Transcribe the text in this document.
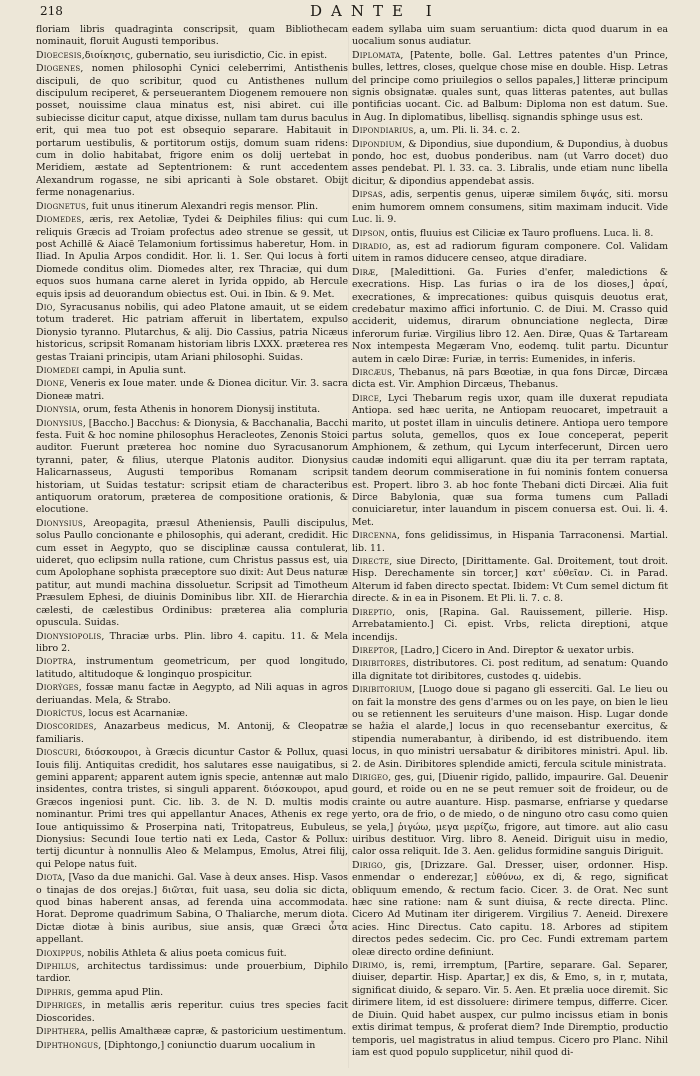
218	DANTE I

floriam libris quadraginta conscripsit, quam Bibliothecam nominauit, floruit Augusti temporibus.

Dioecesis,διοίκησις, gubernatio, seu iurisdictio, Cic. in epist.

Diogenes, nomen philosophi Cynici celeberrimi, Antisthenis discipuli, de quo scribitur, quod cu Antisthenes nullum discipulum reciperet, & perseuerantem Diogenem remouere non posset, nouissime claua minatus est, nisi abiret. cui ille subiecisse dicitur caput, atque dixisse, nullam tam durus baculus erit, qui mea tuo pot est obsequio separare. Habitauit in portarum uestibulis, & portitorum ostijs, domum suam ridens: cum in dolio habitabat, frigore enim os dolij uertebat in Meridiem, æstate ad Septentrionem: & runt accedentem Alexandrum rogasse, ne sibi apricanti à Sole obstaret. Obijt ferme nonagenarius.

Diognetus, fuit unus itinerum Alexandri regis mensor. Plin.

Diomedes, æris, rex Aetoliæ, Tydei & Deiphiles filius: qui cum reliquis Græcis ad Troiam profectus adeo strenue se gessit, ut post Achillē & Aiacē Telamonium fortissimus haberetur, Hom. in Iliad. In Apulia Arpos condidit. Hor. li. 1. Ser. Qui locus à forti Diomede conditus olim. Diomedes alter, rex Thraciæ, qui dum equos suos humana carne aleret in Iyrida oppido, ab Hercule equis ipsis ad deuorandum obiectus est. Oui. in Ibin. & 9. Met.

Dio, Syracusanus nobilis, qui adeo Platone amauit, ut se eidem totum traderet. Hic patriam afferuit in libertatem, expulso Dionysio tyranno. Plutarchus, & alij. Dio Cassius, patria Nicæus historicus, scripsit Romanam historiam libris LXXX. præterea res gestas Traiani principis, utam Ariani philosophi. Suidas.

Diomedei campi, in Apulia sunt.

Dione, Veneris ex Ioue mater. unde & Dionea dicitur. Vir. 3. sacra Dioneæ matri.

Dionysia, orum, festa Athenis in honorem Dionysij instituta.

Dionysius, [Baccho.] Bacchus: & Dionysia, & Bacchanalia, Bacchi festa. Fuit & hoc nomine philosophus Heracleotes, Zenonis Stoici auditor. Fuerunt præterea hoc nomine duo Syracusanorum tyranni, pater, & filius, uterque Platonis auditor. Dionysius Halicarnasseus, Augusti temporibus Romanam scripsit historiam, ut Suidas testatur: scripsit etiam de characteribus antiquorum oratorum, præterea de compositione orationis, & elocutione.

Dionysius, Areopagita, præsul Atheniensis, Paulli discipulus, solus Paullo concionante e philosophis, qui aderant, credidit. Hic cum esset in Aegypto, quo se disciplinæ caussa contulerat, uideret, quo eclipsim nulla ratione, cum Christus passus est, uia cum Apolophane sophista præceptore suo dixit: Aut Deus naturæ patitur, aut mundi machina dissoluetur. Scripsit ad Timotheum Præsulem Ephesi, de diuinis Dominibus libr. XII. de Hierarchia cælesti, de cælestibus Ordinibus: præterea alia compluria opuscula. Suidas.

Dionysiopolis, Thraciæ urbs. Plin. libro 4. capitu. 11. & Mela libro 2.

Dioptra, instrumentum geometricum, per quod longitudo, latitudo, altitudoque & longinquo prospicitur.

Diorýges, fossæ manu factæ in Aegypto, ad Nili aquas in agros deriuandas. Mela, & Strabo.

Dioríctus, locus est Acarnaniæ.

Dioscorides, Anazarbeus medicus, M. Antonij, & Cleopatræ familiaris.

Dioscuri, διόσκουροι, à Græcis dicuntur Castor & Pollux, quasi Iouis filij. Antiquitas credidit, hos salutares esse nauigatibus, si gemini apparent; apparent autem ignis specie, antennæ aut malo insidentes, contra tristes, si singuli apparent. διόσκουροι, apud Græcos ingeniosi punt. Cic. lib. 3. de N. D. multis modis nominantur. Primi tres qui appellantur Anaces, Athenis ex rege Ioue antiquissimo & Proserpina nati, Tritopatreus, Eubuleus, Dionysius: Secundi Ioue tertio nati ex Leda, Castor & Pollux: tertij dicuntur à nonnullis Aleo & Melampus, Emolus, Atrei filij, qui Pelope natus fuit.

Diota, [Vaso da due manichi. Gal. Vase à deux anses. Hisp. Vasos o tinajas de dos orejas.] διῶται, fuit uasa, seu dolia sic dicta, quod binas haberent ansas, ad ferenda uina accommodata. Horat. Deprome quadrimum Sabina, O Thaliarche, merum diota. Dictæ diotæ à binis auribus, siue ansis, quæ Græci ὦτα appellant.

Dioxippus, nobilis Athleta & alius poeta comicus fuit.

Diphilus, architectus tardissimus: unde prouerbium, Diphilo tardior.

Diphris, gemma apud Plin.

Diphriges, in metallis æris reperitur. cuius tres species facit Dioscorides.

Diphthera, pellis Amalthææ capræ, & pastoricium uestimentum.

Diphthongus, [Diphtongo,] coniunctio duarum uocalium in

eadem syllaba uim suam seruantium: dicta quod duarum in ea uocalium sonus audiatur.

Diplomata, [Patente, bolle. Gal. Lettres patentes d'un Prince, bulles, lettres, closes, quelque chose mise en double. Hisp. Letras del principe como priuilegios o sellos papales,] litteræ principum signis obsignatæ. quales sunt, quas litteras patentes, aut bullas pontificias uocant. Cic. ad Balbum: Diploma non est datum. Sue. in Aug. In diplomatibus, libellisq. signandis sphinge usus est.

Dipondiarius, a, um. Pli. li. 34. c. 2.

Dipondium, & Dipondius, siue dupondium, & Dupondius, à duobus pondo, hoc est, duobus ponderibus. nam (ut Varro docet) duo asses pendebat. Pl. l. 33. ca. 3. Libralis, unde etiam nunc libella dicitur, & dipondius appendebat assis.

Dipsas, adis, serpentis genus, uiperæ similem διψάς, siti. morsu enim humorem omnem consumens, sitim maximam inducit. Vide Luc. li. 9.

Dipson, ontis, fluuius est Ciliciæ ex Tauro profluens. Luca. li. 8.

Diradio, as, est ad radiorum figuram componere. Col. Validam uitem in ramos diducere censeo, atque diradiare.

Diræ, [Maledittioni. Ga. Furies d'enfer, maledictions & execrations. Hisp. Las furias o ira de los dioses,] ἀραί, execrationes, & imprecationes: quibus quisquis deuotus erat, credebatur maximo affici infortunio. C. de Diui. M. Crasso quid acciderit, uidemus, dirarum obnunciatione neglecta, Diræ inferorum furiæ. Virgilius libro 12. Aen. Diræ, Quas & Tartaream Nox intempesta Megæram Vno, eodemq. tulit partu. Dicuntur autem in cælo Diræ: Furiæ, in terris: Eumenides, in inferis.

Dircæus, Thebanus, nā pars Bœotiæ, in qua fons Dircæ, Dircæa dicta est. Vir. Amphion Dircæus, Thebanus.

Dirce, Lyci Thebarum regis uxor, quam ille duxerat repudiata Antiopa. sed hæc uerita, ne Antiopam reuocaret, impetrauit a marito, ut postet illam in uinculis detinere. Antiopa uero tempore partus soluta, gemellos, quos ex Ioue conceperat, peperit Amphionem, & zethum, qui Lycum interfecerunt, Dircen uero caudæ indomiti equi alligarunt. quæ diu ita per terram raptata, tandem deorum commiseratione in fui nominis fontem conuersa est. Propert. libro 3. ab hoc fonte Thebani dicti Dircæi. Alia fuit Dirce Babylonia, quæ sua forma tumens cum Palladi conuiciaretur, inter lauandum in piscem conuersa est. Oui. li. 4. Met.

Dircenna, fons gelidissimus, in Hispania Tarraconensi. Martial. lib. 11.

Directe, siue Directo, [Dirittamente. Gal. Droitement, tout droit. Hisp. Derechamente sin torcer,] κατ' εὐθεῖαν. Ci. in Parad. Alterum id faben directo spectat. Ibidem: Vt Cum semel dictum fit directe. & in ea in Pisonem. Et Pli. li. 7. c. 8.

Direptio, onis, [Rapina. Gal. Rauissement, pillerie. Hisp. Arrebatamiento.] Ci. epist. Vrbs, relicta direptioni, atque incendijs.

Direptor, [Ladro,] Cicero in And. Direptor & uexator urbis.

Diribitores, distributores. Ci. post reditum, ad senatum: Quando illa dignitate tot diribitores, custodes q. uidebis.

Diribitorium, [Luogo doue si pagano gli esserciti. Gal. Le lieu ou on fait la monstre des gens d'armes ou on les paye, on bien le lieu ou se retiennent les seruiteurs d'une maison. Hisp. Lugar donde se haẑia el alarde,] locus in quo recensebantur exercitus, & stipendia numerabantur, à diribendo, id est distribuendo. item locus, in quo ministri uersabatur & diribitores ministri. Apul. lib. 2. de Asin. Diribitores splendide amicti, fercula scitule ministrata.

Dirigeo, ges, gui, [Diuenir rigido, pallido, impaurire. Gal. Deuenir gourd, et roide ou en ne se peut remuer soit de froideur, ou de crainte ou autre auanture. Hisp. pasmarse, enfriarse y quedarse yerto, ora de frio, o de miedo, o de ninguno otro casu como quien se yela,] ῥιγώω, μεγα μερίζω, frigore, aut timore. aut alio casu uiribus destituor. Virg. libro 8. Aeneid. Diriguit uisu in medio, calor ossa reliquit. Ide 3. Aen. gelidus formidine sanguis Diriguit.

Dirigo, gis, [Drizzare. Gal. Dresser, uiser, ordonner. Hisp. enmendar o enderezar,] εὐθύνω, ex di, & rego, significat obliquum emendo, & rectum facio. Cicer. 3. de Orat. Nec sunt hæc sine ratione: nam & sunt diuisa, & recte directa. Plinc. Cicero Ad Mutinam iter dirigerem. Virgilius 7. Aeneid. Direxere acies. Hinc Directus. Cato capitu. 18. Arbores ad stipitem directos pedes sedecim. Cic. pro Cec. Fundi extremam partem oleæ directo ordine definiunt.

Dirimo, is, remi, irremptum, [Partire, separare. Gal. Separer, diuiser, departir. Hisp. Apartar,] ex dis, & Emo, s, in r, mutata, significat diuido, & separo. Vir. 5. Aen. Et prælia uoce diremit. Sic dirimere litem, id est dissoluere: dirimere tempus, differre. Cicer. de Diuin. Quid habet auspex, cur pulmo incissus etiam in bonis extis dirimat tempus, & proferat diem? Inde Diremptio, productio temporis, uel magistratus in aliud tempus. Cicero pro Planc. Nihil iam est quod populo supplicetur, nihil quod di-
